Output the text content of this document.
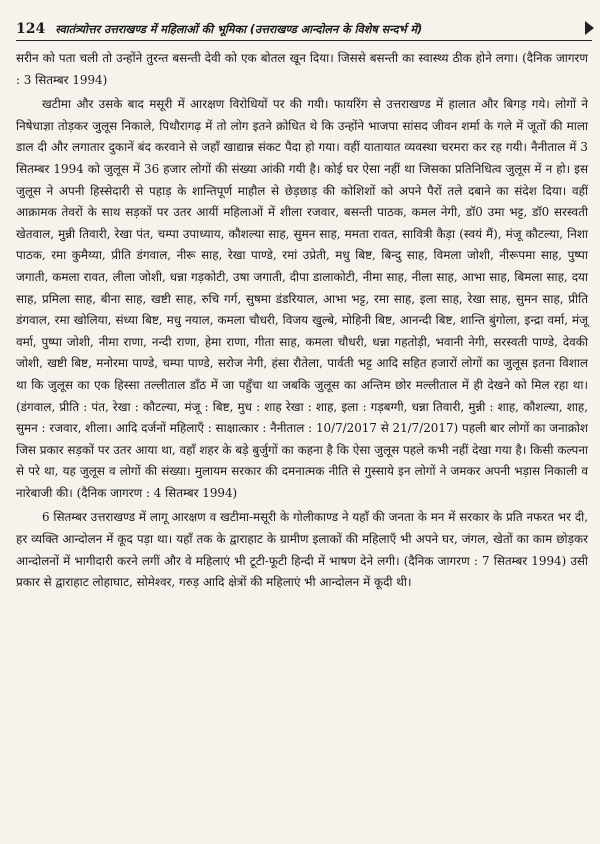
124 स्वातंत्र्योत्तर उत्तराखण्ड में महिलाओं की भूमिका (उत्तराखण्ड आन्दोलन के विशेष सन्दर्भ में)

सरीन को पता चली तो उन्होंने तुरन्त बसन्ती देवी को एक बोतल खून दिया। जिससे बसन्ती का स्वास्थ्य ठीक होने लगा। (दैनिक जागरण : 3 सितम्बर 1994)

खटीमा और उसके बाद मसूरी में आरक्षण विरोधियों पर की गयी। फायरिंग से उत्तराखण्ड में हालात और बिगड़ गये। लोगों ने निषेधाज्ञा तोड़कर जुलूस निकाले, पिथौरागढ़ में तो लोग इतने क्रोधित थे कि उन्होंने भाजपा सांसद जीवन शर्मा के गले में जूतों की माला डाल दी और लगातार दुकानें बंद करवाने से जहाँ खाद्यान्न संकट पैदा हो गया। वहीं यातायात व्यवस्था चरमरा कर रह गयी। नैनीताल में 3 सितम्बर 1994 को जुलूस में 36 हजार लोगों की संख्या आंकी गयी है। कोई घर ऐसा नहीं था जिसका प्रतिनिधित्व जुलूस में न हो। इस जुलूस ने अपनी हिस्सेदारी से पहाड़ के शान्तिपूर्ण माहौल से छेड़छाड़ की कोशिशों को अपने पैरों तले दबाने का संदेश दिया। वहीं आक्रामक तेवरों के साथ सड़कों पर उतर आयीं महिलाओं में शीला रजवार, बसन्ती पाठक, कमल नेगी, डॉ0 उमा भट्ट, डॉ0 सरस्वती खेतवाल, मुन्नी तिवारी, रेखा पंत, चम्पा उपाध्याय, कौशल्या साह, सुमन साह, ममता रावत, सावित्री कैड़ा (स्वयं मैं), मंजू कौटल्या, निशा पाठक, रमा कुमैय्या, प्रीति डंगवाल, नीरू साह, रेखा पाण्डे, रमां उप्रेती, मधु बिष्ट, बिन्दु साह, विमला जोशी, नीरूपमा साह, पुष्पा जगाती, कमला रावत, लीला जोशी, धन्ना गड़कोटी, उषा जगाती, दीपा डालाकोटी, नीमा साह, नीला साह, आभा साह, बिमला साह, दया साह, प्रमिला साह, बीना साह, खष्टी साह, रुचि गर्ग, सुषमा डंडरियाल, आभा भट्ट, रमा साह, इला साह, रेखा साह, सुमन साह, प्रीति डंगवाल, रमा खोलिया, संध्या बिष्ट, मधु नयाल, कमला चौधरी, विजय खुल्बे, मोहिनी बिष्ट, आनन्दी बिष्ट, शान्ति बुंगोला, इन्द्रा वर्मा, मंजू वर्मा, पुष्पा जोशी, नीमा राणा, नन्दी राणा, हेमा राणा, गीता साह, कमला चौधरी, धन्ना गहतोड़ी, भवानी नेगी, सरस्वती पाण्डे, देवकी जोशी, खष्टी बिष्ट, मनोरमा पाण्डे, चम्पा पाण्डे, सरोज नेगी, हंसा रौतेला, पार्वती भट्ट आदि सहित हजारों लोगों का जुलूस इतना विशाल था कि जुलूस का एक हिस्सा तल्लीताल डाँठ में जा पहुँचा था जबकि जुलूस का अन्तिम छोर मल्लीताल में ही देखने को मिल रहा था। (डंगवाल, प्रीति : पंत, रेखा : कौटल्या, मंजू : बिष्ट, मुध : शाह रेखा : शाह, इला : गड़बग्गी, धन्ना तिवारी, मुन्नी : शाह, कौशल्या, शाह, सुमन : रजवार, शीला। आदि दर्जनों महिलाएँ : साक्षात्कार : नैनीताल : 10/7/2017 से 21/7/2017) पहली बार लोगों का जनाक्रोश जिस प्रकार सड़कों पर उतर आया था, वहाँ शहर के बड़े बुर्जुगों का कहना है कि ऐसा जुलूस पहले कभी नहीं देखा गया है। किसी कल्पना से परे था, यह जुलूस व लोगों की संख्या। मुलायम सरकार की दमनात्मक नीति से गुस्साये इन लोगों ने जमकर अपनी भड़ास निकाली व नारेबाजी की। (दैनिक जागरण : 4 सितम्बर 1994)

6 सितम्बर उत्तराखण्ड में लागू आरक्षण व खटीमा-मसूरी के गोलीकाण्ड ने यहाँ की जनता के मन में सरकार के प्रति नफरत भर दी, हर व्यक्ति आन्दोलन में कूद पड़ा था। यहाँ तक के द्वाराहाट के ग्रामीण इलाकों की महिलाएँ भी अपने घर, जंगल, खेतों का काम छोड़कर आन्दोलनों में भागीदारी करने लगीं और वे महिलाएं भी टूटी-फूटी हिन्दी में भाषण देने लगी। (दैनिक जागरण : 7 सितम्बर 1994) उसी प्रकार से द्वाराहाट लोहाघाट, सोमेश्वर, गरुड़ आदि क्षेत्रों की महिलाएं भी आन्दोलन में कूदी थी।
